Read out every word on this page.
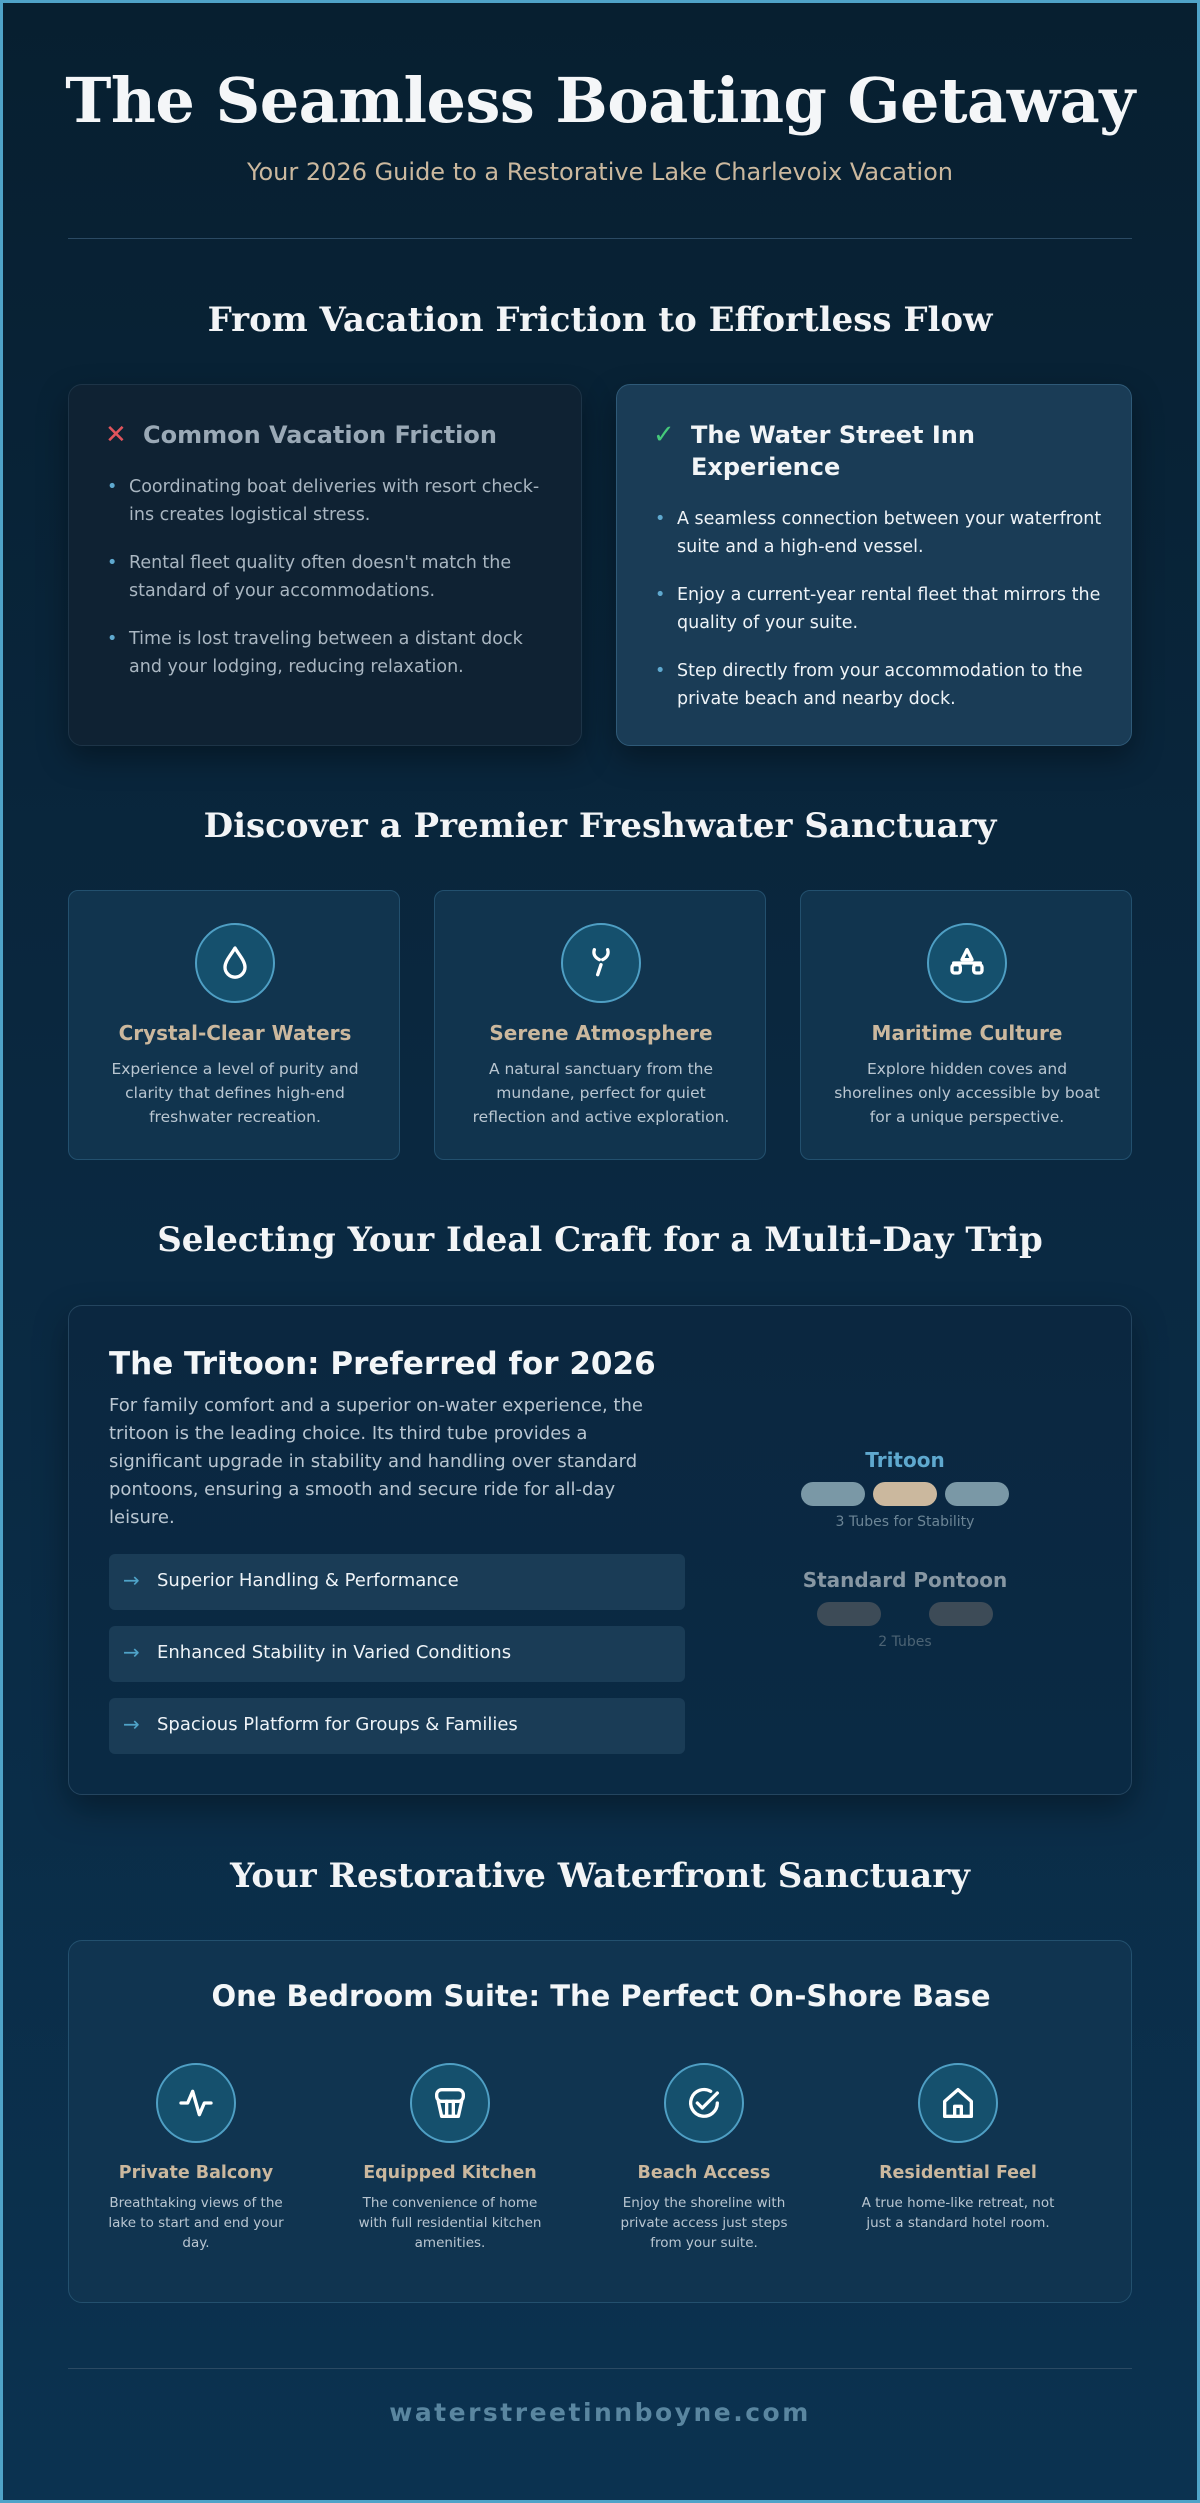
The Seamless Boating Getaway

Your 2026 Guide to a Restorative Lake Charlevoix Vacation

From Vacation Friction to Effortless Flow
✕ Common Vacation Friction
• Coordinating boat deliveries with resort check-ins creates logistical stress.
• Rental fleet quality often doesn't match the standard of your accommodations.
• Time is lost traveling between a distant dock and your lodging, reducing relaxation.
✓ The Water Street Inn Experience
• A seamless connection between your waterfront suite and a high-end vessel.
• Enjoy a current-year rental fleet that mirrors the quality of your suite.
• Step directly from your accommodation to the private beach and nearby dock.
Discover a Premier Freshwater Sanctuary
Crystal-Clear Waters
Experience a level of purity and clarity that defines high-end freshwater recreation.
Serene Atmosphere
A natural sanctuary from the mundane, perfect for quiet reflection and active exploration.
Maritime Culture
Explore hidden coves and shorelines only accessible by boat for a unique perspective.
Selecting Your Ideal Craft for a Multi-Day Trip
The Tritoon: Preferred for 2026
For family comfort and a superior on-water experience, the tritoon is the leading choice. Its third tube provides a significant upgrade in stability and handling over standard pontoons, ensuring a smooth and secure ride for all-day leisure.
→ Superior Handling & Performance
→ Enhanced Stability in Varied Conditions
→ Spacious Platform for Groups & Families
Tritoon
3 Tubes for Stability
Standard Pontoon
2 Tubes
Your Restorative Waterfront Sanctuary
One Bedroom Suite: The Perfect On-Shore Base
Private Balcony
Breathtaking views of the lake to start and end your day.
Equipped Kitchen
The convenience of home with full residential kitchen amenities.
Beach Access
Enjoy the shoreline with private access just steps from your suite.
Residential Feel
A true home-like retreat, not just a standard hotel room.
waterstreetinnboyne.com
